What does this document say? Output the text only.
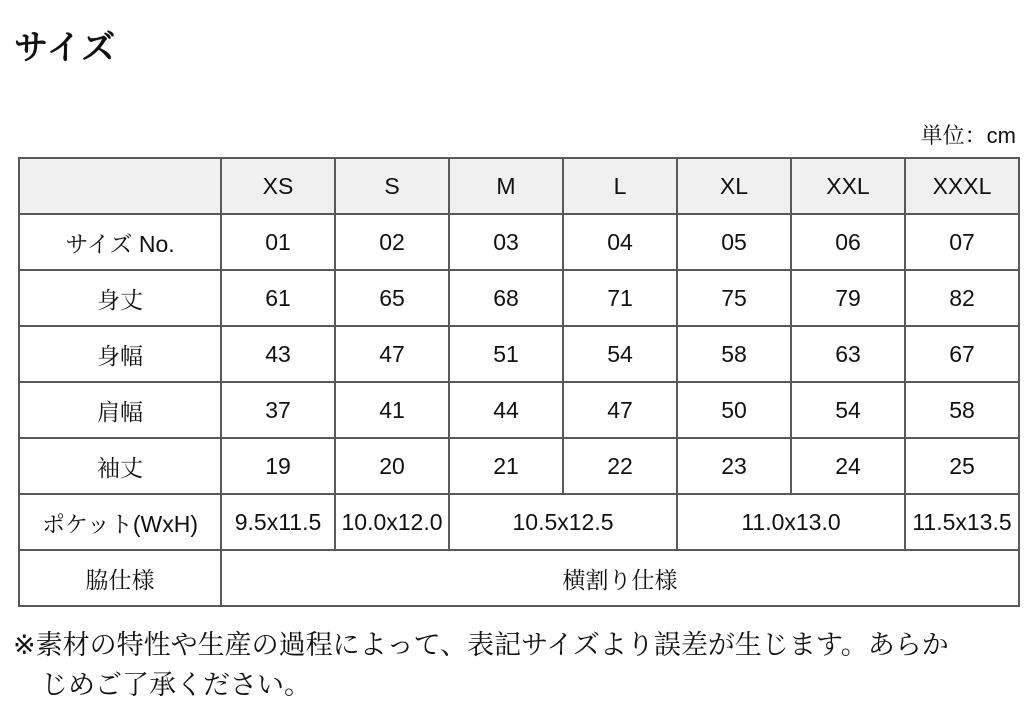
サイズ
単位：cm
	XS	S	M	L	XL	XXL	XXXL
サイズ No.	01	02	03	04	05	06	07
身丈	61	65	68	71	75	79	82
身幅	43	47	51	54	58	63	67
肩幅	37	41	44	47	50	54	58
袖丈	19	20	21	22	23	24	25
ポケット(WxH)	9.5x11.5	10.0x12.0	10.5x12.5		11.0x13.0		11.5x13.5
脇仕様	横割り仕様						

※素材の特性や生産の過程によって、表記サイズより誤差が生じます。あらか
じめご了承ください。
